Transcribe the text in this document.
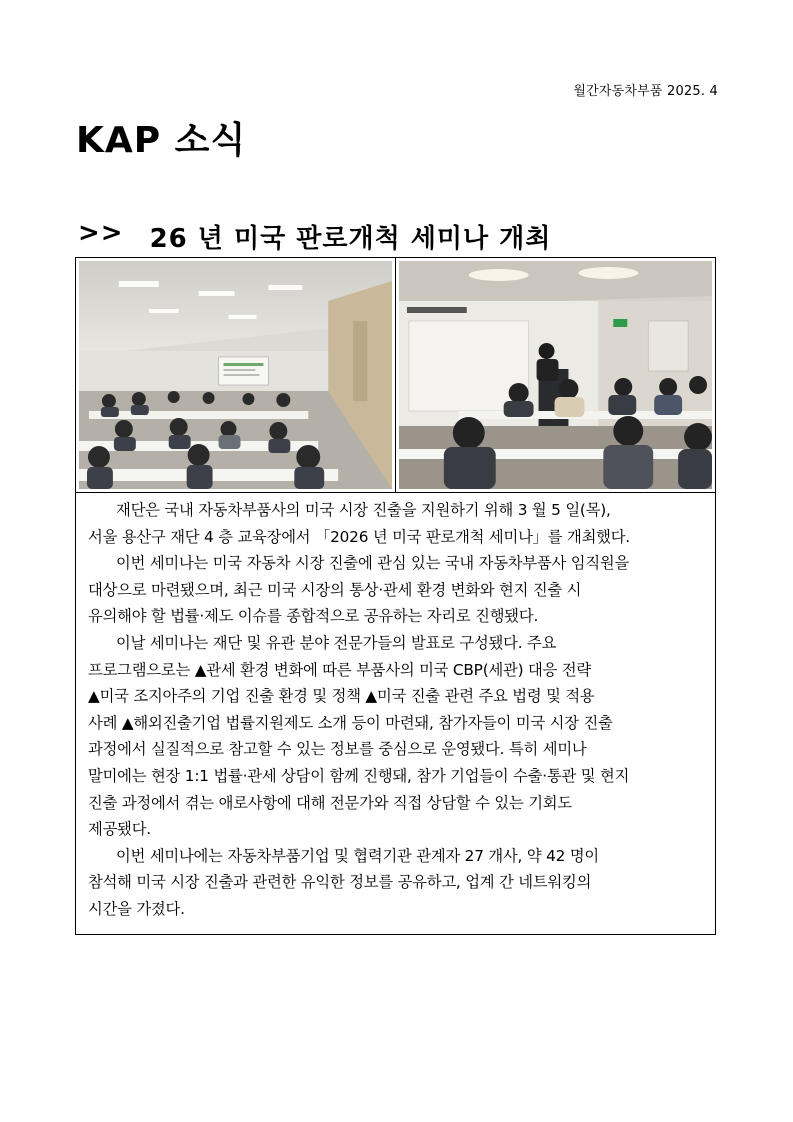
월간자동차부품 2025. 4
KAP 소식
>> 26 년 미국 판로개척 세미나 개최

재단은 국내 자동차부품사의 미국 시장 진출을 지원하기 위해 3 월 5 일(목),
서울 용산구 재단 4 층 교육장에서 「2026 년 미국 판로개척 세미나」를 개최했다.

이번 세미나는 미국 자동차 시장 진출에 관심 있는 국내 자동차부품사 임직원을
대상으로 마련됐으며, 최근 미국 시장의 통상·관세 환경 변화와 현지 진출 시
유의해야 할 법률·제도 이슈를 종합적으로 공유하는 자리로 진행됐다.

이날 세미나는 재단 및 유관 분야 전문가들의 발표로 구성됐다. 주요
프로그램으로는 ▲관세 환경 변화에 따른 부품사의 미국 CBP(세관) 대응 전략
▲미국 조지아주의 기업 진출 환경 및 정책 ▲미국 진출 관련 주요 법령 및 적용
사례 ▲해외진출기업 법률지원제도 소개 등이 마련돼, 참가자들이 미국 시장 진출
과정에서 실질적으로 참고할 수 있는 정보를 중심으로 운영됐다. 특히 세미나
말미에는 현장 1:1 법률·관세 상담이 함께 진행돼, 참가 기업들이 수출·통관 및 현지
진출 과정에서 겪는 애로사항에 대해 전문가와 직접 상담할 수 있는 기회도
제공됐다.

이번 세미나에는 자동차부품기업 및 협력기관 관계자 27 개사, 약 42 명이
참석해 미국 시장 진출과 관련한 유익한 정보를 공유하고, 업계 간 네트워킹의
시간을 가졌다.
